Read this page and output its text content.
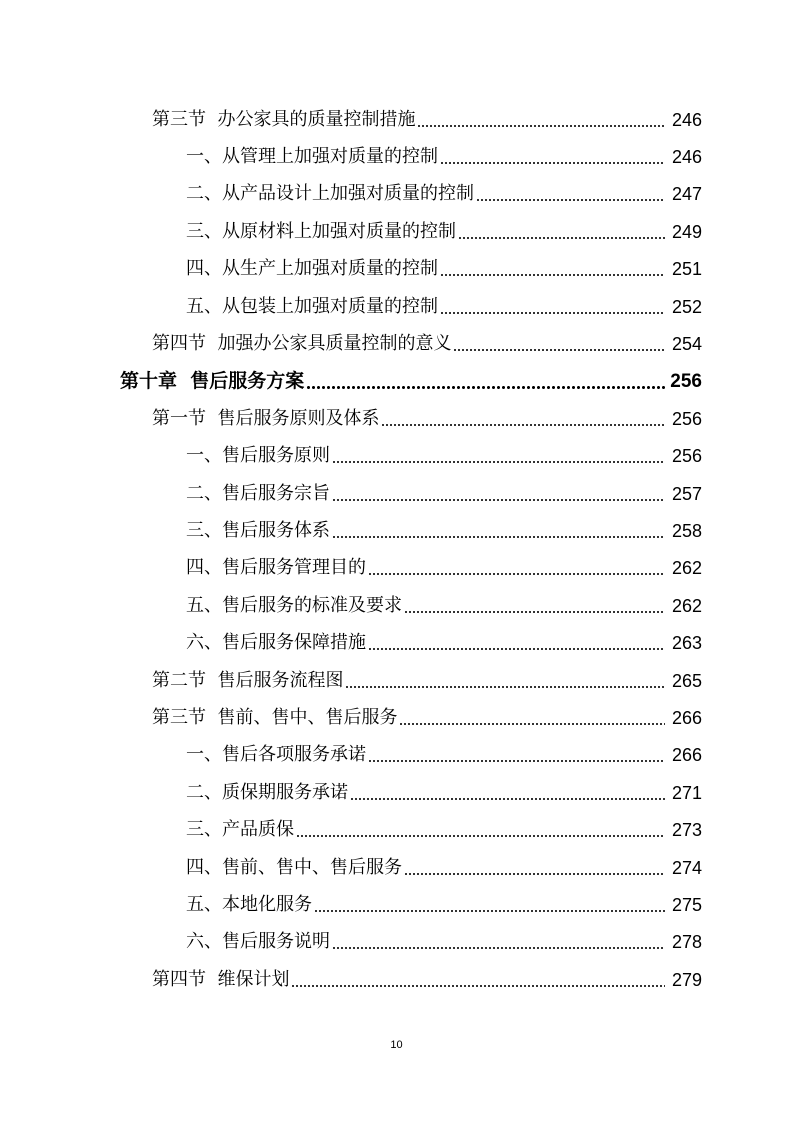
第三节  办公家具的质量控制措施	246
一、从管理上加强对质量的控制	246
二、从产品设计上加强对质量的控制	247
三、从原材料上加强对质量的控制	249
四、从生产上加强对质量的控制	251
五、从包装上加强对质量的控制	252
第四节  加强办公家具质量控制的意义	254
第十章  售后服务方案	256
第一节  售后服务原则及体系	256
一、售后服务原则	256
二、售后服务宗旨	257
三、售后服务体系	258
四、售后服务管理目的	262
五、售后服务的标准及要求	262
六、售后服务保障措施	263
第二节  售后服务流程图	265
第三节  售前、售中、售后服务	266
一、售后各项服务承诺	266
二、质保期服务承诺	271
三、产品质保	273
四、售前、售中、售后服务	274
五、本地化服务	275
六、售后服务说明	278
第四节  维保计划	279
10
